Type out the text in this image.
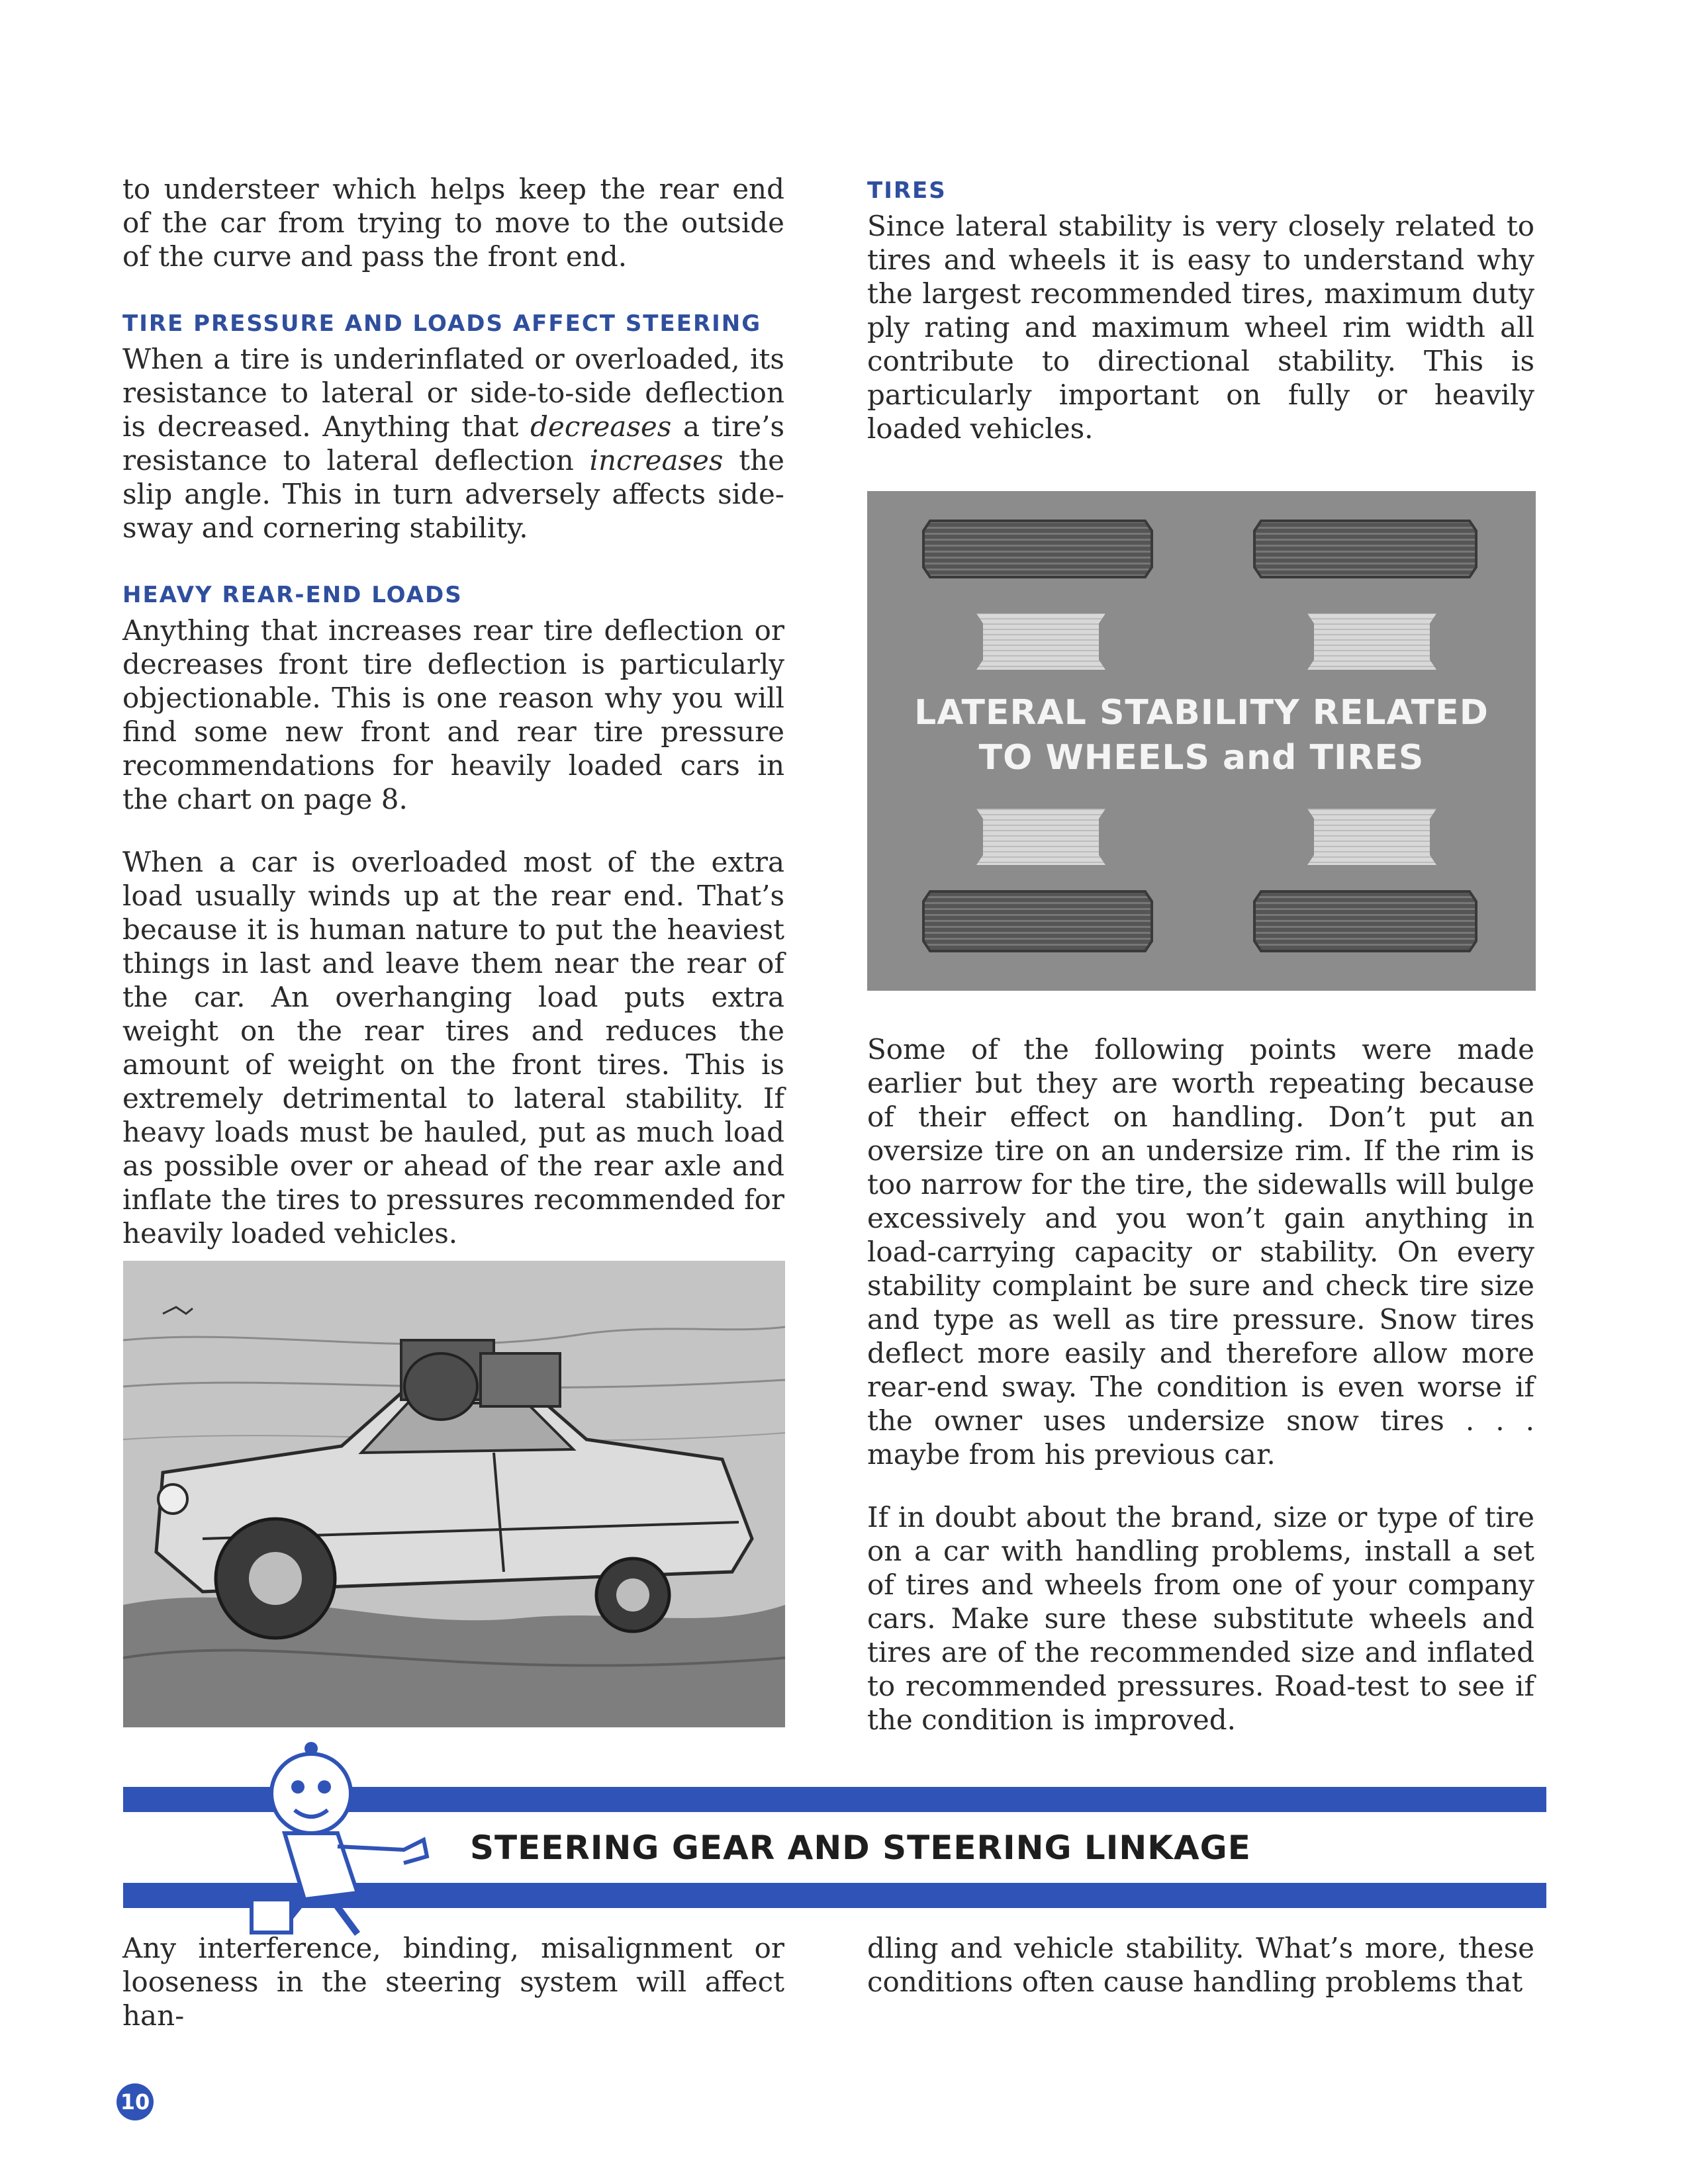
to understeer which helps keep the rear end of the car from trying to move to the outside of the curve and pass the front end.

TIRE PRESSURE AND LOADS AFFECT STEERING

When a tire is underinflated or overloaded, its resistance to lateral or side-to-side deflection is decreased. Anything that decreases a tire’s resistance to lateral deflection increases the slip angle. This in turn adversely affects side-sway and cornering stability.

HEAVY REAR-END LOADS

Anything that increases rear tire deflection or decreases front tire deflection is particularly objectionable. This is one reason why you will find some new front and rear tire pressure recommendations for heavily loaded cars in the chart on page 8.

When a car is overloaded most of the extra load usually winds up at the rear end. That’s because it is human nature to put the heaviest things in last and leave them near the rear of the car. An overhanging load puts extra weight on the rear tires and reduces the amount of weight on the front tires. This is extremely detrimental to lateral stability. If heavy loads must be hauled, put as much load as possible over or ahead of the rear axle and inflate the tires to pressures recommended for heavily loaded vehicles.

TIRES

Since lateral stability is very closely related to tires and wheels it is easy to understand why the largest recommended tires, maximum duty ply rating and maximum wheel rim width all contribute to directional stability. This is particularly important on fully or heavily loaded vehicles.

LATERAL STABILITY RELATED
TO WHEELS and TIRES

Some of the following points were made earlier but they are worth repeating because of their effect on handling. Don’t put an oversize tire on an undersize rim. If the rim is too narrow for the tire, the sidewalls will bulge excessively and you won’t gain anything in load-carrying capacity or stability. On every stability complaint be sure and check tire size and type as well as tire pressure. Snow tires deflect more easily and therefore allow more rear-end sway. The condition is even worse if the owner uses undersize snow tires . . . maybe from his previous car.

If in doubt about the brand, size or type of tire on a car with handling problems, install a set of tires and wheels from one of your company cars. Make sure these substitute wheels and tires are of the recommended size and inflated to recommended pressures. Road-test to see if the condition is improved.

STEERING GEAR AND STEERING LINKAGE

Any interference, binding, misalignment or looseness in the steering system will affect han-

dling and vehicle stability. What’s more, these conditions often cause handling problems that

10
